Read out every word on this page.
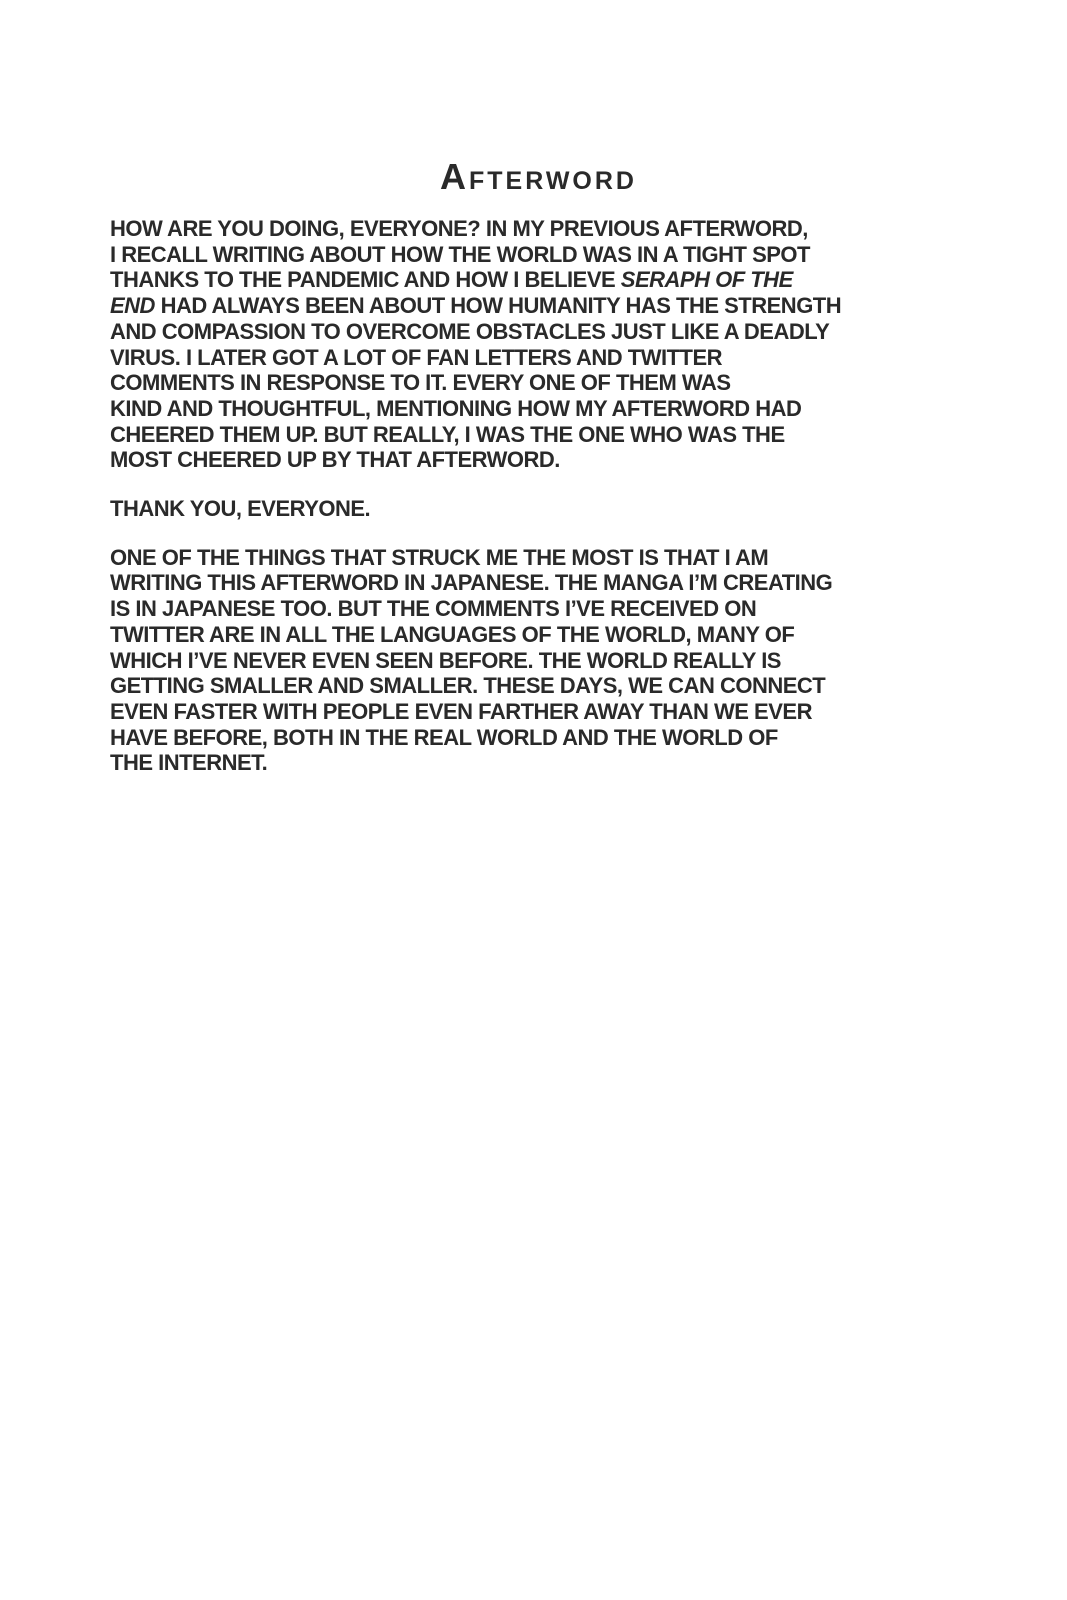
Afterword
HOW ARE YOU DOING, EVERYONE? IN MY PREVIOUS AFTERWORD,
I RECALL WRITING ABOUT HOW THE WORLD WAS IN A TIGHT SPOT
THANKS TO THE PANDEMIC AND HOW I BELIEVE SERAPH OF THE
END HAD ALWAYS BEEN ABOUT HOW HUMANITY HAS THE STRENGTH
AND COMPASSION TO OVERCOME OBSTACLES JUST LIKE A DEADLY
VIRUS. I LATER GOT A LOT OF FAN LETTERS AND TWITTER
COMMENTS IN RESPONSE TO IT. EVERY ONE OF THEM WAS
KIND AND THOUGHTFUL, MENTIONING HOW MY AFTERWORD HAD
CHEERED THEM UP. BUT REALLY, I WAS THE ONE WHO WAS THE
MOST CHEERED UP BY THAT AFTERWORD.
THANK YOU, EVERYONE.
ONE OF THE THINGS THAT STRUCK ME THE MOST IS THAT I AM
WRITING THIS AFTERWORD IN JAPANESE. THE MANGA I’M CREATING
IS IN JAPANESE TOO. BUT THE COMMENTS I’VE RECEIVED ON
TWITTER ARE IN ALL THE LANGUAGES OF THE WORLD, MANY OF
WHICH I’VE NEVER EVEN SEEN BEFORE. THE WORLD REALLY IS
GETTING SMALLER AND SMALLER. THESE DAYS, WE CAN CONNECT
EVEN FASTER WITH PEOPLE EVEN FARTHER AWAY THAN WE EVER
HAVE BEFORE, BOTH IN THE REAL WORLD AND THE WORLD OF
THE INTERNET.
